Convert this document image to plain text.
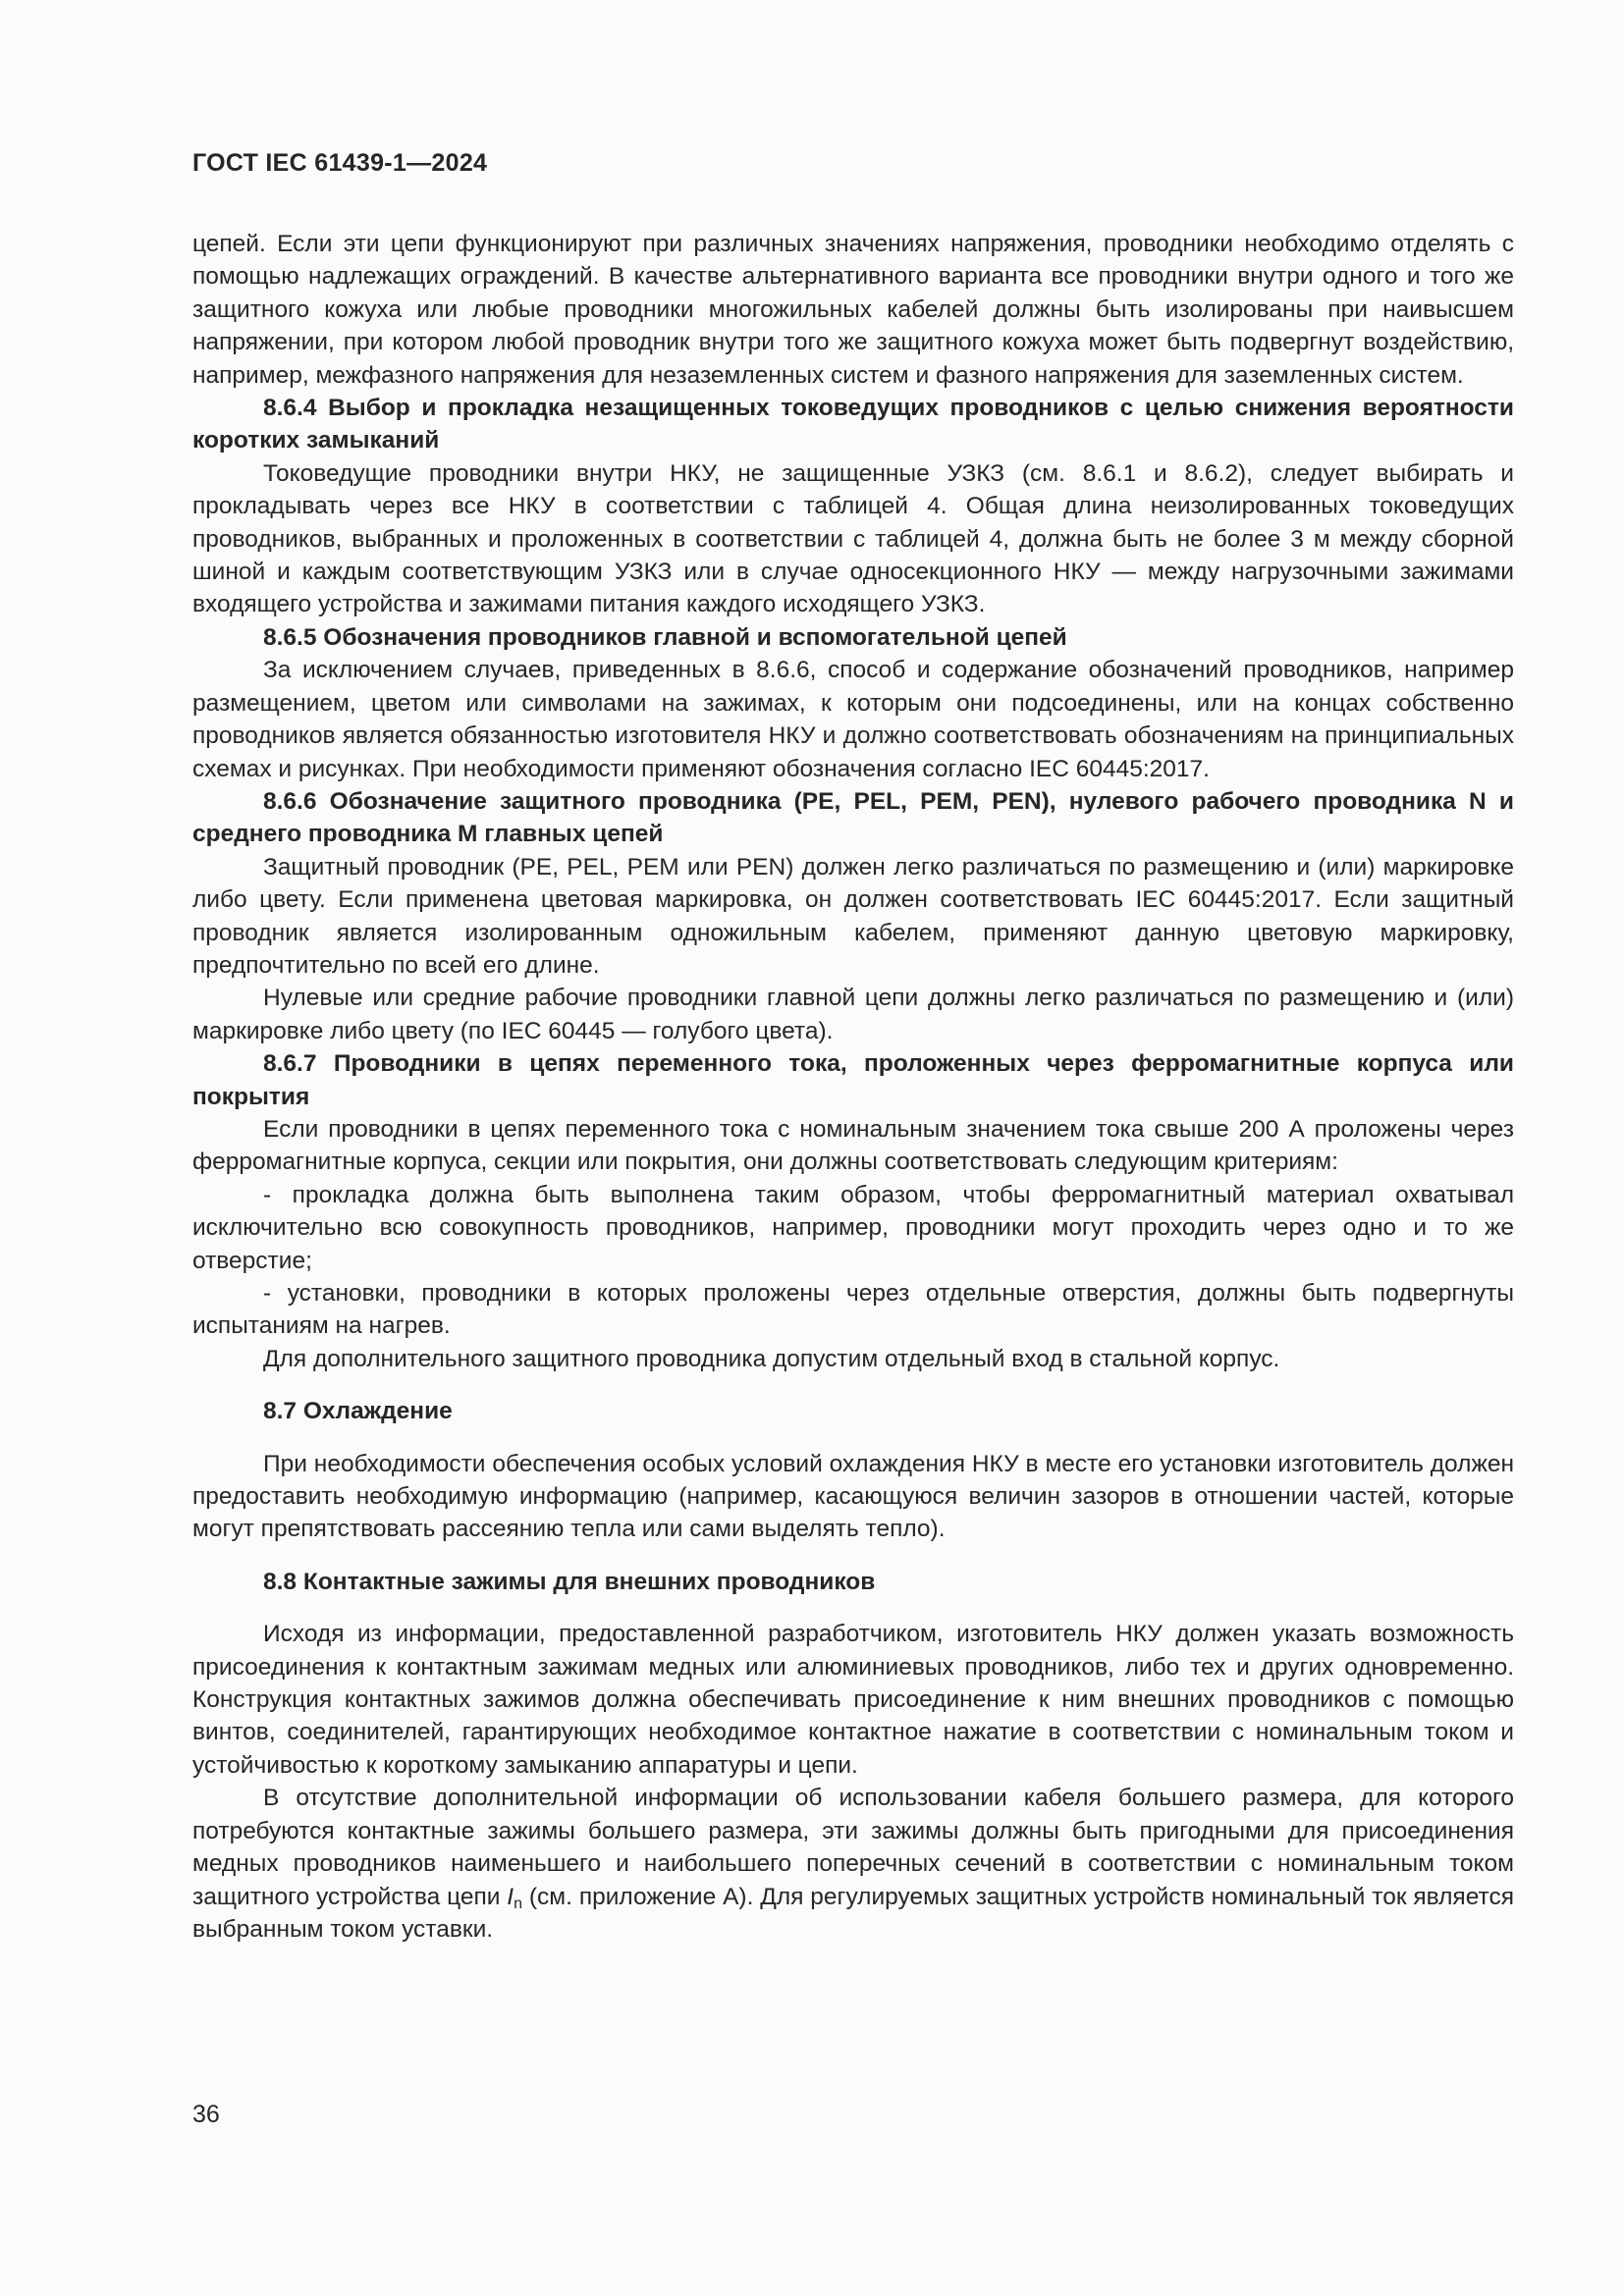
ГОСТ IEC 61439-1—2024

цепей. Если эти цепи функционируют при различных значениях напряжения, проводники необходимо отделять с помощью надлежащих ограждений. В качестве альтернативного варианта все проводники внутри одного и того же защитного кожуха или любые проводники многожильных кабелей должны быть изолированы при наивысшем напряжении, при котором любой проводник внутри того же защитного кожуха может быть подвергнут воздействию, например, межфазного напряжения для незаземленных систем и фазного напряжения для заземленных систем.

8.6.4 Выбор и прокладка незащищенных токоведущих проводников с целью снижения вероятности коротких замыканий

Токоведущие проводники внутри НКУ, не защищенные УЗКЗ (см. 8.6.1 и 8.6.2), следует выбирать и прокладывать через все НКУ в соответствии с таблицей 4. Общая длина неизолированных токоведущих проводников, выбранных и проложенных в соответствии с таблицей 4, должна быть не более 3 м между сборной шиной и каждым соответствующим УЗКЗ или в случае односекционного НКУ — между нагрузочными зажимами входящего устройства и зажимами питания каждого исходящего УЗКЗ.

8.6.5 Обозначения проводников главной и вспомогательной цепей

За исключением случаев, приведенных в 8.6.6, способ и содержание обозначений проводников, например размещением, цветом или символами на зажимах, к которым они подсоединены, или на концах собственно проводников является обязанностью изготовителя НКУ и должно соответствовать обозначениям на принципиальных схемах и рисунках. При необходимости применяют обозначения согласно IEC 60445:2017.

8.6.6 Обозначение защитного проводника (PE, PEL, PEM, PEN), нулевого рабочего проводника N и среднего проводника M главных цепей

Защитный проводник (PE, PEL, PEM или PEN) должен легко различаться по размещению и (или) маркировке либо цвету. Если применена цветовая маркировка, он должен соответствовать IEC 60445:2017. Если защитный проводник является изолированным одножильным кабелем, применяют данную цветовую маркировку, предпочтительно по всей его длине.

Нулевые или средние рабочие проводники главной цепи должны легко различаться по размещению и (или) маркировке либо цвету (по IEC 60445 — голубого цвета).

8.6.7 Проводники в цепях переменного тока, проложенных через ферромагнитные корпуса или покрытия

Если проводники в цепях переменного тока с номинальным значением тока свыше 200 А проложены через ферромагнитные корпуса, секции или покрытия, они должны соответствовать следующим критериям:

- прокладка должна быть выполнена таким образом, чтобы ферромагнитный материал охватывал исключительно всю совокупность проводников, например, проводники могут проходить через одно и то же отверстие;

- установки, проводники в которых проложены через отдельные отверстия, должны быть подвергнуты испытаниям на нагрев.

Для дополнительного защитного проводника допустим отдельный вход в стальной корпус.

8.7 Охлаждение

При необходимости обеспечения особых условий охлаждения НКУ в месте его установки изготовитель должен предоставить необходимую информацию (например, касающуюся величин зазоров в отношении частей, которые могут препятствовать рассеянию тепла или сами выделять тепло).

8.8 Контактные зажимы для внешних проводников

Исходя из информации, предоставленной разработчиком, изготовитель НКУ должен указать возможность присоединения к контактным зажимам медных или алюминиевых проводников, либо тех и других одновременно. Конструкция контактных зажимов должна обеспечивать присоединение к ним внешних проводников с помощью винтов, соединителей, гарантирующих необходимое контактное нажатие в соответствии с номинальным током и устойчивостью к короткому замыканию аппаратуры и цепи.

В отсутствие дополнительной информации об использовании кабеля большего размера, для которого потребуются контактные зажимы большего размера, эти зажимы должны быть пригодными для присоединения медных проводников наименьшего и наибольшего поперечных сечений в соответствии с номинальным током защитного устройства цепи $I_n$ (см. приложение А). Для регулируемых защитных устройств номинальный ток является выбранным током уставки.

36
